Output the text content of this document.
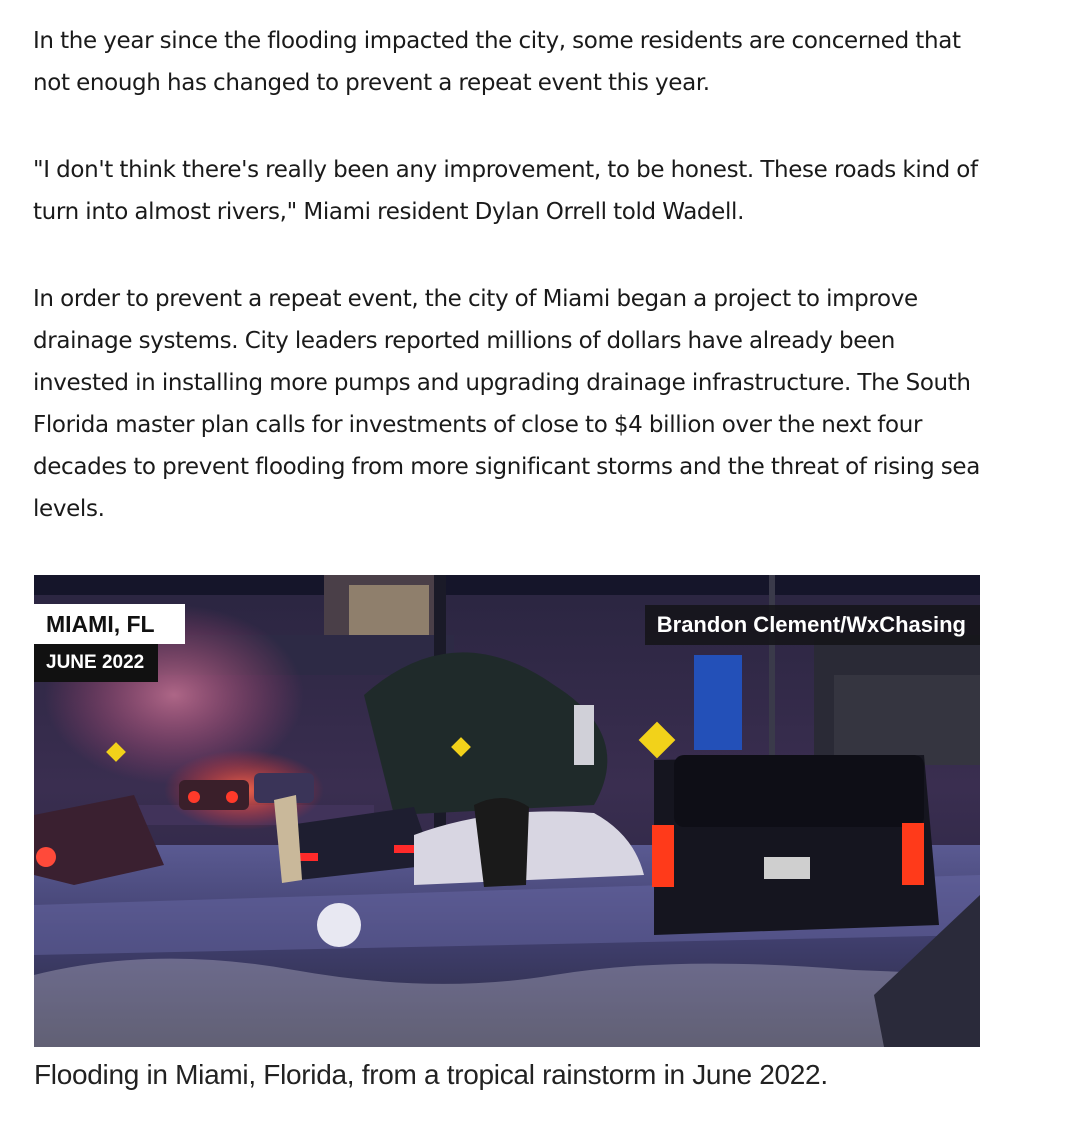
In the year since the flooding impacted the city, some residents are concerned that not enough has changed to prevent a repeat event this year.

"I don't think there's really been any improvement, to be honest. These roads kind of turn into almost rivers," Miami resident Dylan Orrell told Wadell.

In order to prevent a repeat event, the city of Miami began a project to improve drainage systems. City leaders reported millions of dollars have already been invested in installing more pumps and upgrading drainage infrastructure. The South Florida master plan calls for investments of close to $4 billion over the next four decades to prevent flooding from more significant storms and the threat of rising sea levels.

MIAMI, FL
JUNE 2022
Brandon Clement/WxChasing
Flooding in Miami, Florida, from a tropical rainstorm in June 2022.
